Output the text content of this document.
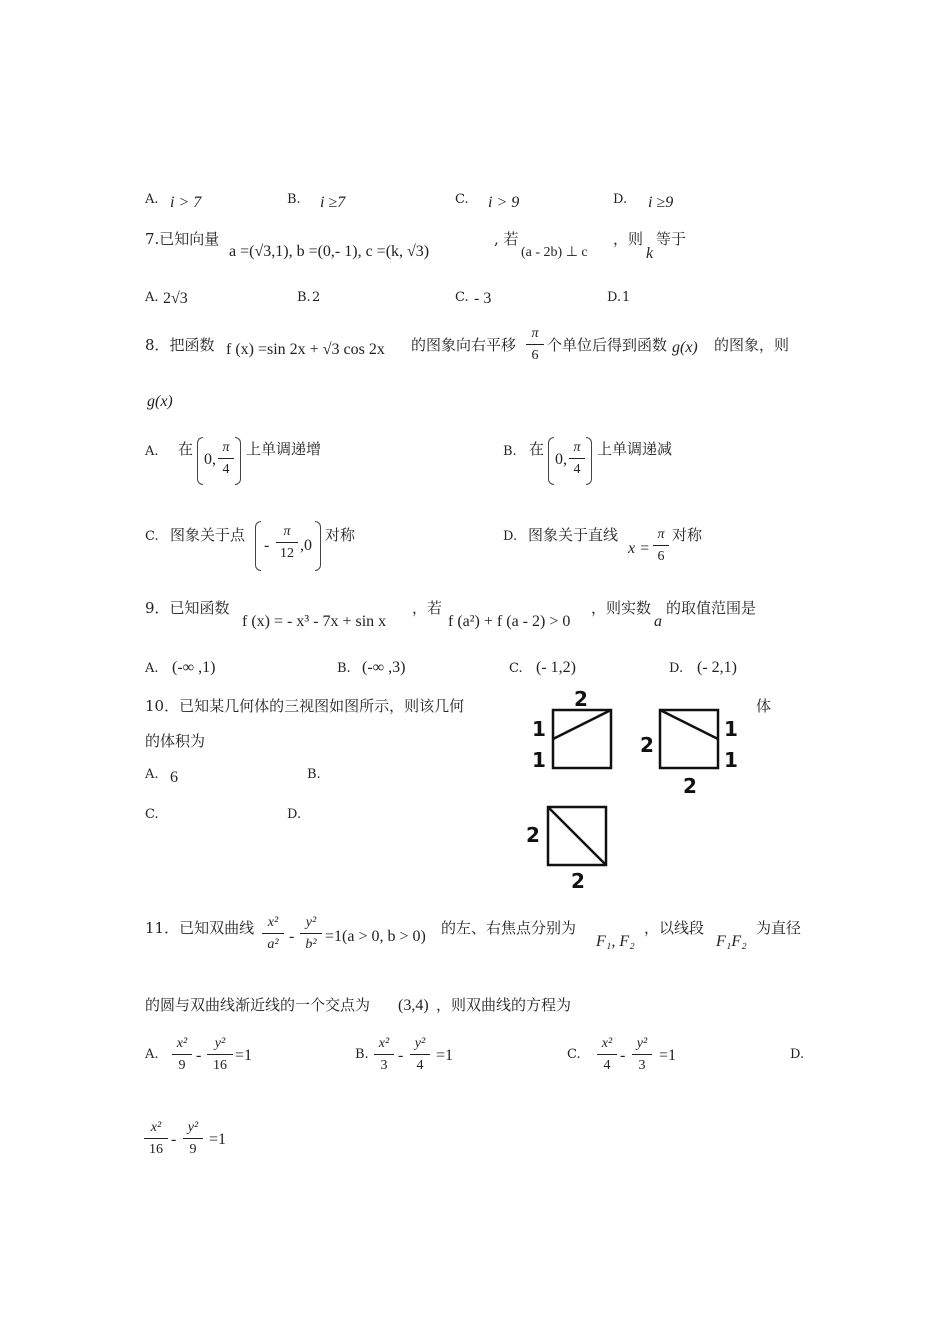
A. i > 7	B. i ≥7	C. i > 9	D. i ≥9
7.已知向量
a =(√3,1), b =(0,- 1), c =(k, √3)
, 若
(a - 2b) ⊥ c
，则
k
等于
A. 2√3	B. 2	C. - 3	D. 1
8．把函数 f (x) =sin 2x + √3 cos 2x 的图象向右平移 $\frac{\pi}{6}$ 个单位后得到函数 g(x) 的图象，则
g(x)
A. 在
0, $\frac{\pi}{4}$ 上单调递增	B. 在
0, $\frac{\pi}{4}$ 上单调递减
C. 图象关于点
- $\frac{\pi}{12} ,0$
对称	D. 图象关于直线
$x = \frac{\pi}{6}$ 对称
9．已知函数
f (x) = - x³ - 7x + sin x
，若
f (a²) + f (a - 2) > 0
，则实数
a
的取值范围是
A. (-∞ ,1)	B. (-∞ ,3)	C. (- 1,2)	D. (- 2,1)
10．已知某几何体的三视图如图所示，则该几何	体
的体积为
A. 6	B.
C.	D.
2
1
1
2
1
1
2
2
2
11．已知双曲线 $\frac{\text{x²}}{\text{a²}} - \frac{\text{y²}}{\text{b²}} =1(a > 0$, b > 0) 的左、右焦点分别为
F₁, F₂
，以线段
F₁F₂
为直径
的圆与双曲线渐近线的一个交点为 (3,4) ，则双曲线的方程为
A. $\frac{\text{x²}}{9} - \frac{\text{y²}}{16} =1$	B. $\frac{\text{x²}}{3} - \frac{\text{y²}}{4} =1$	C. $\frac{\text{x²}}{4} - \frac{\text{y²}}{3} =1$	D.
$\frac{\text{x²}}{16} - \frac{\text{y²}}{9} =1$
